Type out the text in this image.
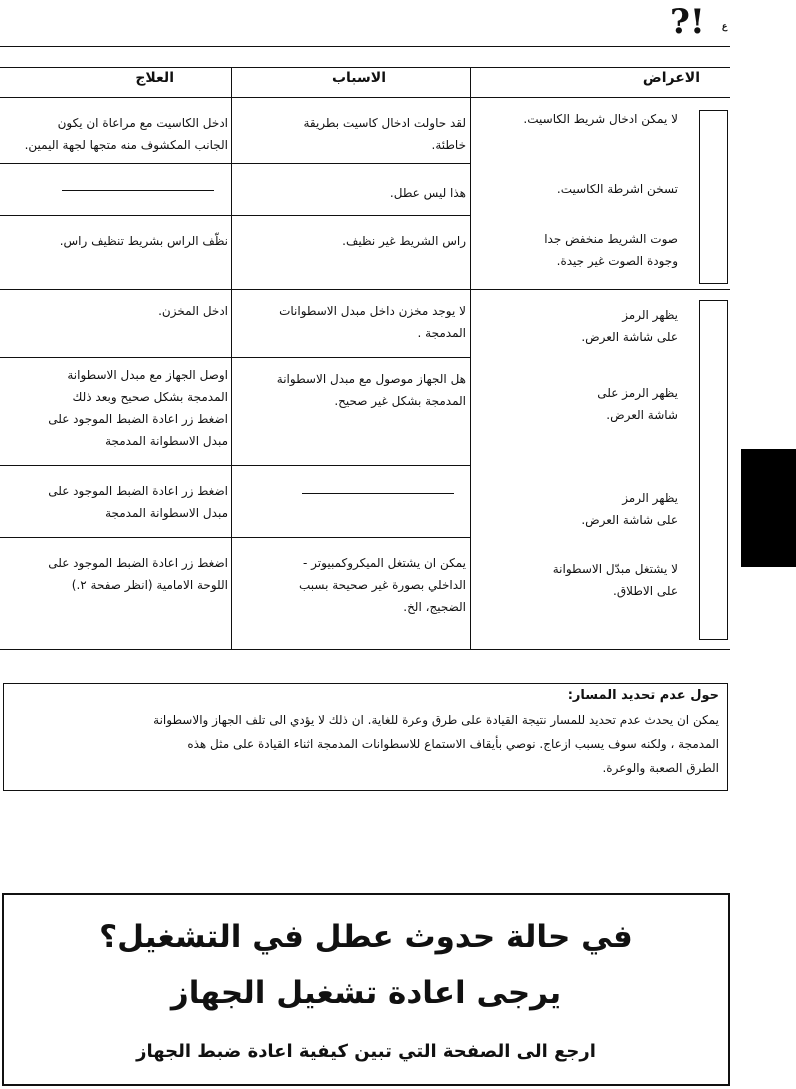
?! ع
العلاج	الاسباب	الاعراض
لا يمكن ادخال شريط الكاسيت.
لقد حاولت ادخال كاسيت بطريقة
خاطئة.
ادخل الكاسيت مع مراعاة ان يكون
الجانب المكشوف منه متجها لجهة اليمين.
تسخن اشرطة الكاسيت.
هذا ليس عطل.
صوت الشريط منخفض جدا
وجودة الصوت غير جيدة.
راس الشريط غير نظيف.
نظّف الراس بشريط تنظيف راس.
يظهر الرمز
على شاشة العرض.
لا يوجد مخزن داخل مبدل الاسطوانات
المدمجة .
ادخل المخزن.
يظهر الرمز على
شاشة العرض.
هل الجهاز موصول مع مبدل الاسطوانة
المدمجة بشكل غير صحيح.
اوصل الجهاز مع مبدل الاسطوانة
المدمجة بشكل صحيح وبعد ذلك
اضغط زر اعادة الضبط الموجود على
مبدل الاسطوانة المدمجة
يظهر الرمز
على شاشة العرض.
اضغط زر اعادة الضبط الموجود على
مبدل الاسطوانة المدمجة
لا يشتغل مبدّل الاسطوانة
على الاطلاق.
يمكن ان يشتغل الميكروكمبيوتر -
الداخلي بصورة غير صحيحة بسبب
الضجيج، الخ.
اضغط زر اعادة الضبط الموجود على
اللوحة الامامية (انظر صفحة ٢.)
حول عدم تحديد المسار:
يمكن ان يحدث عدم تحديد للمسار نتيجة القيادة على طرق وعرة للغاية. ان ذلك لا يؤدي الى تلف الجهاز والاسطوانة
المدمجة ، ولكنه سوف يسبب ازعاج. نوصي بأيقاف الاستماع للاسطوانات المدمجة اثناء القيادة على مثل هذه
الطرق الصعبة والوعرة.
في حالة حدوث عطل في التشغيل؟
يرجى اعادة تشغيل الجهاز
ارجع الى الصفحة التي تبين كيفية اعادة ضبط الجهاز
